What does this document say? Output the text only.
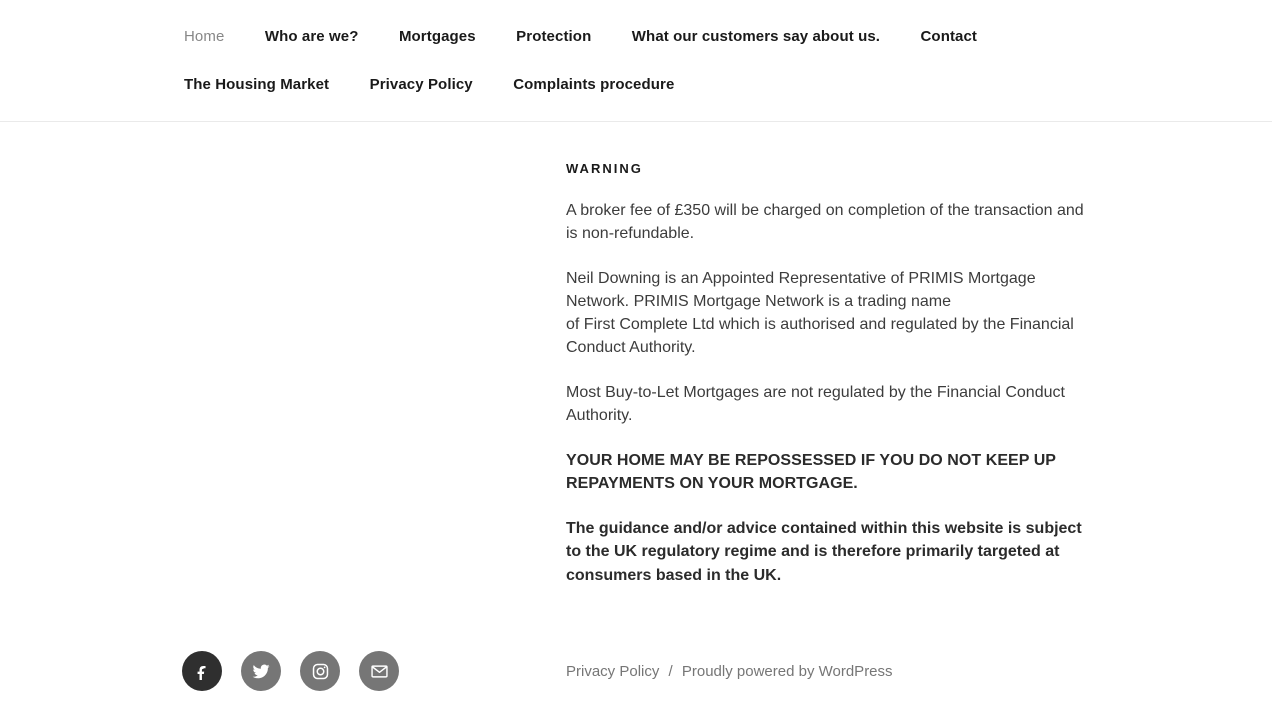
Home	Who are we?	Mortgages	Protection	What our customers say about us.	Contact
The Housing Market	Privacy Policy	Complaints procedure
WARNING

A broker fee of £350 will be charged on completion of the transaction and is non-refundable.

Neil Downing is an Appointed Representative of PRIMIS Mortgage Network. PRIMIS Mortgage Network is a trading name
of First Complete Ltd which is authorised and regulated by the Financial Conduct Authority.

Most Buy-to-Let Mortgages are not regulated by the Financial Conduct Authority.

YOUR HOME MAY BE REPOSSESSED IF YOU DO NOT KEEP UP REPAYMENTS ON YOUR MORTGAGE.

The guidance and/or advice contained within this website is subject to the UK regulatory regime and is therefore primarily targeted at consumers based in the UK.

Privacy Policy / Proudly powered by WordPress
